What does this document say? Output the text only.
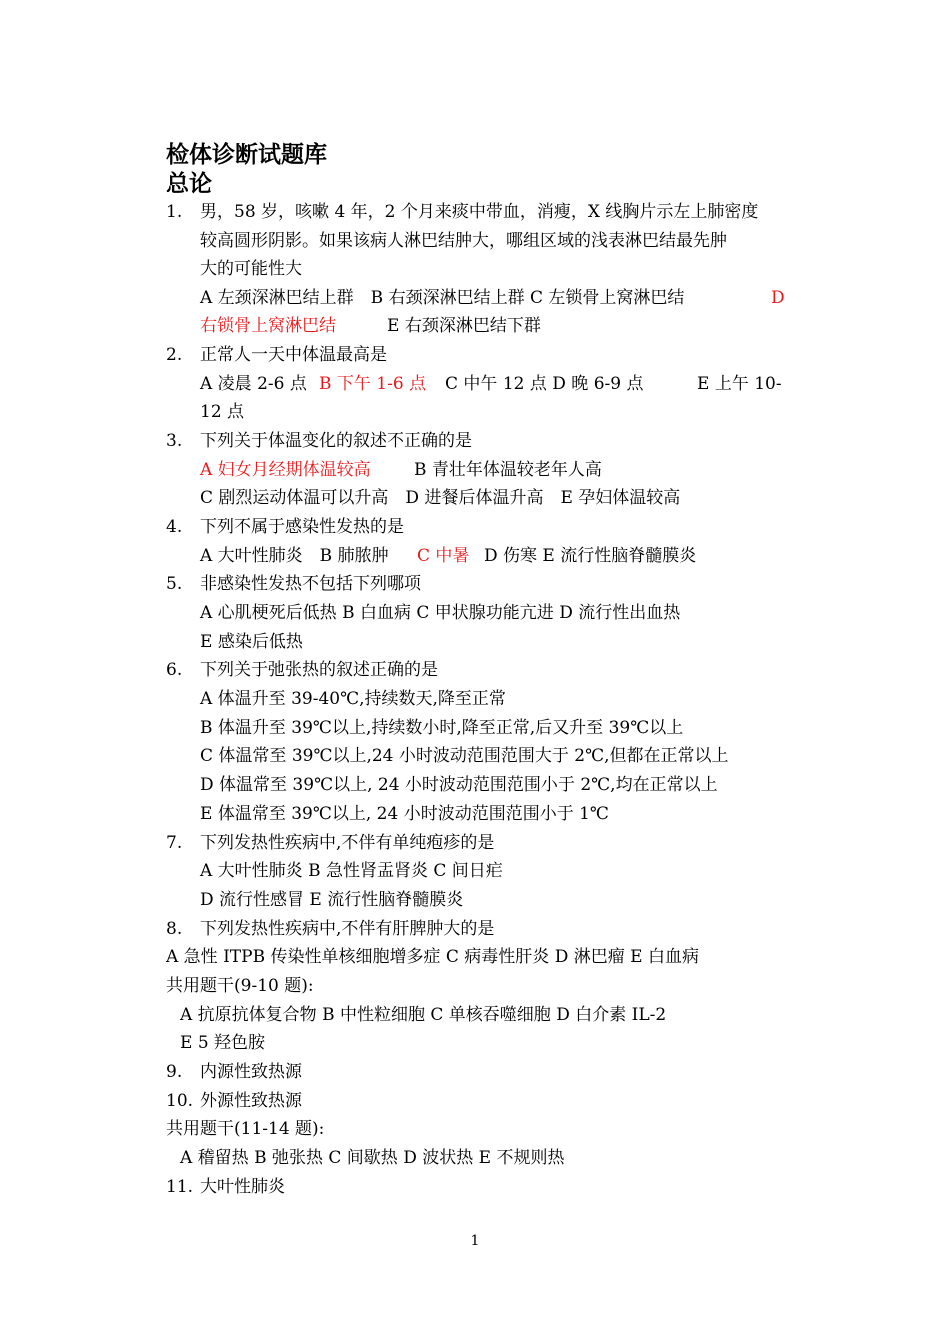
检体诊断试题库
总论
1. 男，58 岁，咳嗽 4 年，2 个月来痰中带血，消瘦，X 线胸片示左上肺密度
较高圆形阴影。如果该病人淋巴结肿大，哪组区域的浅表淋巴结最先肿
大的可能性大
A 左颈深淋巴结上群　B 右颈深淋巴结上群 C 左锁骨上窝淋巴结	D
右锁骨上窝淋巴结	E 右颈深淋巴结下群
2. 正常人一天中体温最高是
A 凌晨 2-6 点 B 下午 1-6 点 C 中午 12 点 D 晚 6-9 点	E 上午 10-
12 点
3. 下列关于体温变化的叙述不正确的是
A 妇女月经期体温较高	B 青壮年体温较老年人高
C 剧烈运动体温可以升高　D 进餐后体温升高　E 孕妇体温较高
4. 下列不属于感染性发热的是
A 大叶性肺炎　B 肺脓肿 C 中暑 D 伤寒 E 流行性脑脊髓膜炎
5. 非感染性发热不包括下列哪项
A 心肌梗死后低热 B 白血病 C 甲状腺功能亢进 D 流行性出血热
E 感染后低热
6. 下列关于弛张热的叙述正确的是
A 体温升至 39-40℃,持续数天,降至正常
B 体温升至 39℃以上,持续数小时,降至正常,后又升至 39℃以上
C 体温常至 39℃以上,24 小时波动范围范围大于 2℃,但都在正常以上
D 体温常至 39℃以上, 24 小时波动范围范围小于 2℃,均在正常以上
E 体温常至 39℃以上, 24 小时波动范围范围小于 1℃
7. 下列发热性疾病中,不伴有单纯疱疹的是
A 大叶性肺炎 B 急性肾盂肾炎 C 间日疟
D 流行性感冒 E 流行性脑脊髓膜炎
8. 下列发热性疾病中,不伴有肝脾肿大的是
A 急性 ITPB 传染性单核细胞增多症 C 病毒性肝炎 D 淋巴瘤 E 白血病
共用题干(9-10 题):
A 抗原抗体复合物 B 中性粒细胞 C 单核吞噬细胞 D 白介素 IL-2
E 5 羟色胺
9. 内源性致热源
10. 外源性致热源
共用题干(11-14 题):
A 稽留热 B 弛张热 C 间歇热 D 波状热 E 不规则热
11. 大叶性肺炎
1
